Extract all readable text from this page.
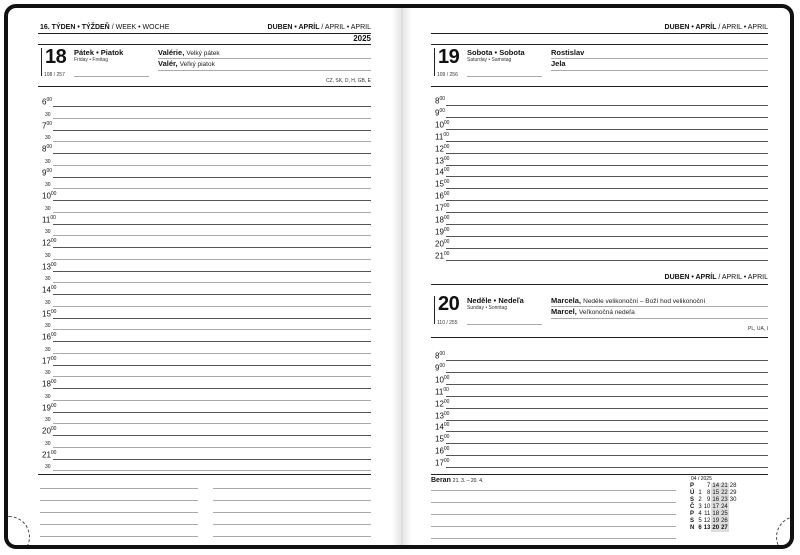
16. TÝDEN • TÝŽDEŇ / WEEK • WOCHE	DUBEN • APRÍL / APRIL • APRIL
2025
18 Pátek • Piatok
Friday • Freitag
108 / 257
Valérie, Velký pátek
Valér, Veľký piatok
CZ, SK, D, H, GB, E
$6^{00}$
30
$7^{00}$
30
$8^{00}$
30
$9^{00}$
30
$10^{00}$
30
$11^{00}$
30
$12^{00}$
30
$13^{00}$
30
$14^{00}$
30
$15^{00}$
30
$16^{00}$
30
$17^{00}$
30
$18^{00}$
30
$19^{00}$
30
$20^{00}$
30
$21^{00}$
30
DUBEN • APRÍL / APRIL • APRIL
19 Sobota • Sobota
Saturday • Samstag
109 / 256
Rostislav
Jela
$8^{00}$
$9^{00}$
$10^{00}$
$11^{00}$
$12^{00}$
$13^{00}$
$14^{00}$
$15^{00}$
$16^{00}$
$17^{00}$
$18^{00}$
$19^{00}$
$20^{00}$
$21^{00}$
DUBEN • APRÍL / APRIL • APRIL
20 Neděle • Nedeľa
Sunday • Sonntag
110 / 255
Marcela, Neděle velikonoční – Boží hod velikonoční
Marcel, Veľkonočná nedeľa
PL, UA, I
$8^{00}$
$9^{00}$
$10^{00}$
$11^{00}$
$12^{00}$
$13^{00}$
$14^{00}$
$15^{00}$
$16^{00}$
$17^{00}$
Beran 21. 3. – 20. 4.	04 / 2025
P		7	14	21	28
Ú	1	8	15	22	29
S	2	9	16	23	30
Č	3	10	17	24	
P	4	11	18	25	
S	5	12	19	26	
N	6	13	20	27	
